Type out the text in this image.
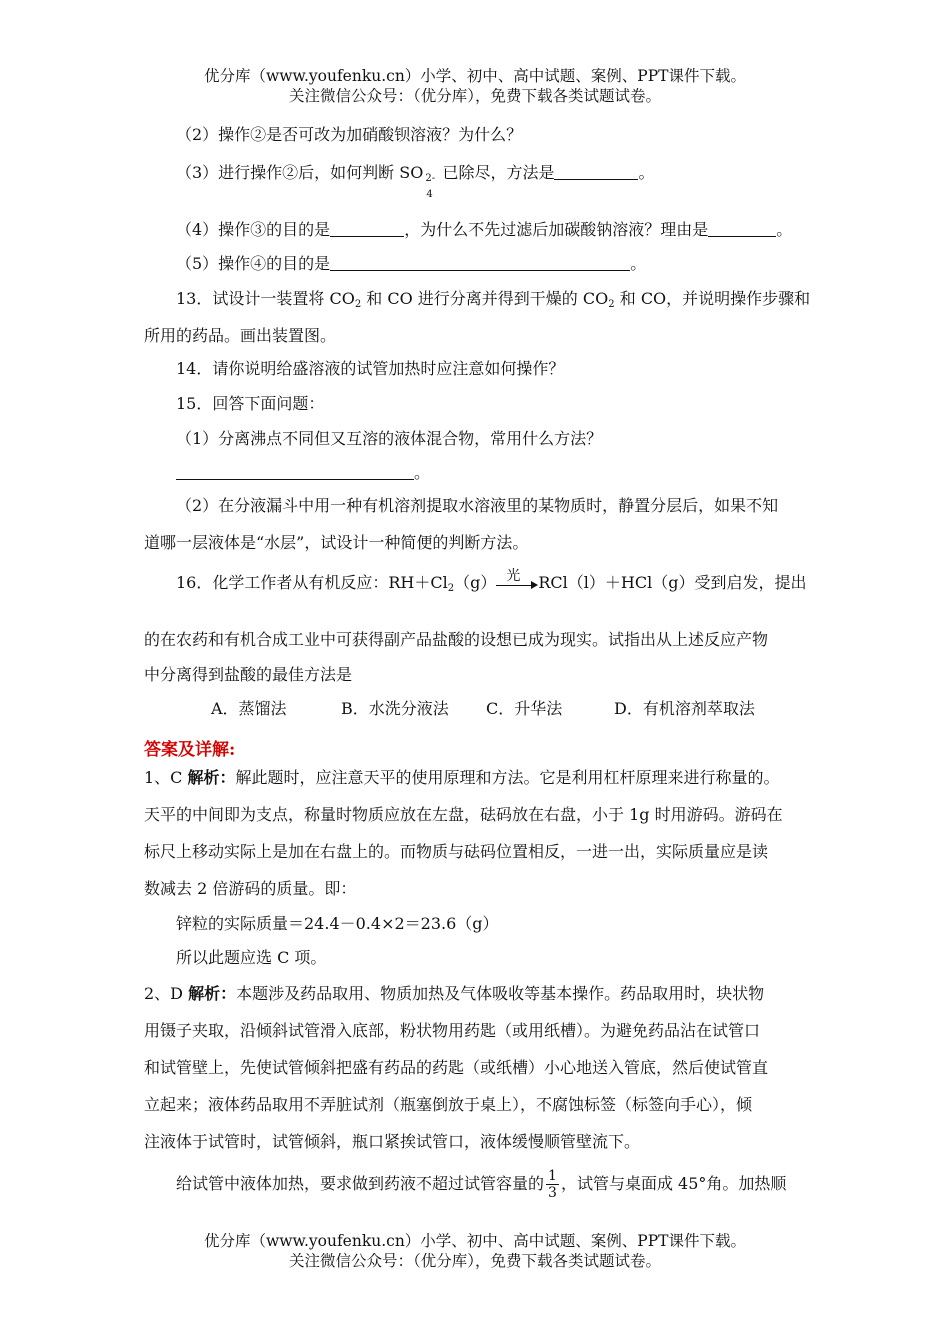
优分库（www.youfenku.cn）小学、初中、高中试题、案例、PPT课件下载。
关注微信公众号：（优分库），免费下载各类试题试卷。
（2）操作②是否可改为加硝酸钡溶液？为什么？
（3）进行操作②后，如何判断 SO 2-
4
已除尽，方法是	。
（4）操作③的目的是	，为什么不先过滤后加碳酸钠溶液？理由是	。
（5）操作④的目的是	。
13．试设计一装置将 $CO_2$ 和 CO 进行分离并得到干燥的 $CO_2$ 和 CO，并说明操作步骤和
所用的药品。画出装置图。
14．请你说明给盛溶液的试管加热时应注意如何操作？
15．回答下面问题：
（1）分离沸点不同但又互溶的液体混合物，常用什么方法？
。
（2）在分液漏斗中用一种有机溶剂提取水溶液里的某物质时，静置分层后，如果不知
道哪一层液体是“水层”，试设计一种简便的判断方法。
16．化学工作者从有机反应：$RH+Cl_2(g)$ 光 RCl（l）＋HCl（g）受到启发，提出
的在农药和有机合成工业中可获得副产品盐酸的设想已成为现实。试指出从上述反应产物
中分离得到盐酸的最佳方法是
A．蒸馏法	B．水洗分液法 C．升华法	D．有机溶剂萃取法
答案及详解:
1、C 解析：解此题时，应注意天平的使用原理和方法。它是利用杠杆原理来进行称量的。
天平的中间即为支点，称量时物质应放在左盘，砝码放在右盘，小于 1g 时用游码。游码在
标尺上移动实际上是加在右盘上的。而物质与砝码位置相反，一进一出，实际质量应是读
数减去 2 倍游码的质量。即：
锌粒的实际质量＝24.4－0.4×2＝23.6（g）
所以此题应选 C 项。
2、D 解析：本题涉及药品取用、物质加热及气体吸收等基本操作。药品取用时，块状物
用镊子夹取，沿倾斜试管滑入底部，粉状物用药匙（或用纸槽）。为避免药品沾在试管口
和试管壁上，先使试管倾斜把盛有药品的药匙（或纸槽）小心地送入管底，然后使试管直
立起来；液体药品取用不弄脏试剂（瓶塞倒放于桌上），不腐蚀标签（标签向手心），倾
注液体于试管时，试管倾斜，瓶口紧挨试管口，液体缓慢顺管壁流下。
给试管中液体加热，要求做到药液不超过试管容量的 $\frac{1}{3}$ ，试管与桌面成 45°角。加热顺
优分库（www.youfenku.cn）小学、初中、高中试题、案例、PPT课件下载。
关注微信公众号：（优分库），免费下载各类试题试卷。
